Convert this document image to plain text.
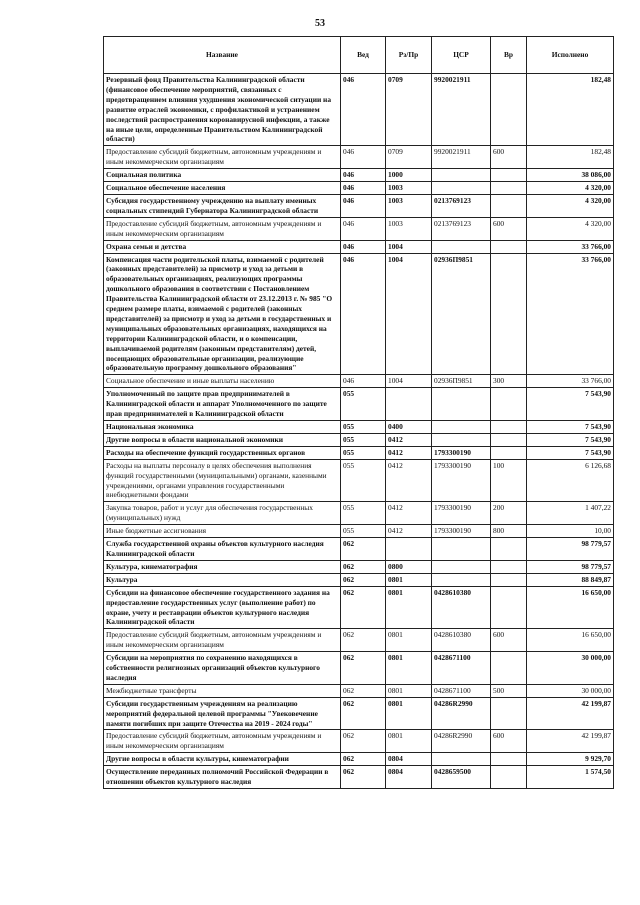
53
Название	Вед	Рз/Пр	ЦСР	Вр	Исполнено
Резервный фонд Правительства Калининградской области (финансовое обеспечение мероприятий, связанных с предотвращением влияния ухудшения экономической ситуации на развитие отраслей экономики, с профилактикой и устранением последствий распространения коронавирусной инфекции, а также на иные цели, определенные Правительством Калининградской области)	046	0709	9920021911		182,48
Предоставление субсидий бюджетным, автономным учреждениям и иным некоммерческим организациям	046	0709	9920021911	600	182,48
Социальная политика	046	1000			38 086,00
Социальное обеспечение населения	046	1003			4 320,00
Субсидия государственному учреждению на выплату именных социальных стипендий Губернатора Калининградской области	046	1003	0213769123		4 320,00
Предоставление субсидий бюджетным, автономным учреждениям и иным некоммерческим организациям	046	1003	0213769123	600	4 320,00
Охрана семьи и детства	046	1004			33 766,00
Компенсация части родительской платы, взимаемой с родителей (законных представителей) за присмотр и уход за детьми в образовательных организациях, реализующих программы дошкольного образования в соответствии с Постановлением Правительства Калининградской области от 23.12.2013 г. № 985 "О среднем размере платы, взимаемой с родителей (законных представителей) за присмотр и уход за детьми в государственных и муниципальных образовательных организациях, находящихся на территории Калининградской области, и о компенсации, выплачиваемой родителям (законным представителям) детей, посещающих образовательные организации, реализующие образовательную программу дошкольного образования"	046	1004	02936П9851		33 766,00
Социальное обеспечение и иные выплаты населению	046	1004	02936П9851	300	33 766,00
Уполномоченный по защите прав предпринимателей в Калининградской области и аппарат Уполномоченного по защите прав предпринимателей в Калининградской области	055				7 543,90
Национальная экономика	055	0400			7 543,90
Другие вопросы в области национальной экономики	055	0412			7 543,90
Расходы на обеспечение функций государственных органов	055	0412	1793300190		7 543,90
Расходы на выплаты персоналу в целях обеспечения выполнения функций государственными (муниципальными) органами, казенными учреждениями, органами управления государственными внебюджетными фондами	055	0412	1793300190	100	6 126,68
Закупка товаров, работ и услуг для обеспечения государственных (муниципальных) нужд	055	0412	1793300190	200	1 407,22
Иные бюджетные ассигнования	055	0412	1793300190	800	10,00
Служба государственной охраны объектов культурного наследия Калининградской области	062				98 779,57
Культура, кинематография	062	0800			98 779,57
Культура	062	0801			88 849,87
Субсидии на финансовое обеспечение государственного задания на предоставление государственных услуг (выполнение работ) по охране, учету и реставрации объектов культурного наследия Калининградской области	062	0801	0428610380		16 650,00
Предоставление субсидий бюджетным, автономным учреждениям и иным некоммерческим организациям	062	0801	0428610380	600	16 650,00
Субсидии на мероприятия по сохранению находящихся в собственности религиозных организаций объектов культурного наследия	062	0801	0428671100		30 000,00
Межбюджетные трансферты	062	0801	0428671100	500	30 000,00
Субсидии государственным учреждениям на реализацию мероприятий федеральной целевой программы "Увековечение памяти погибших при защите Отечества на 2019 - 2024 годы"	062	0801	04286R2990		42 199,87
Предоставление субсидий бюджетным, автономным учреждениям и иным некоммерческим организациям	062	0801	04286R2990	600	42 199,87
Другие вопросы в области культуры, кинематографии	062	0804			9 929,70
Осуществление переданных полномочий Российской Федерации в отношении объектов культурного наследия	062	0804	0428659500		1 574,50
